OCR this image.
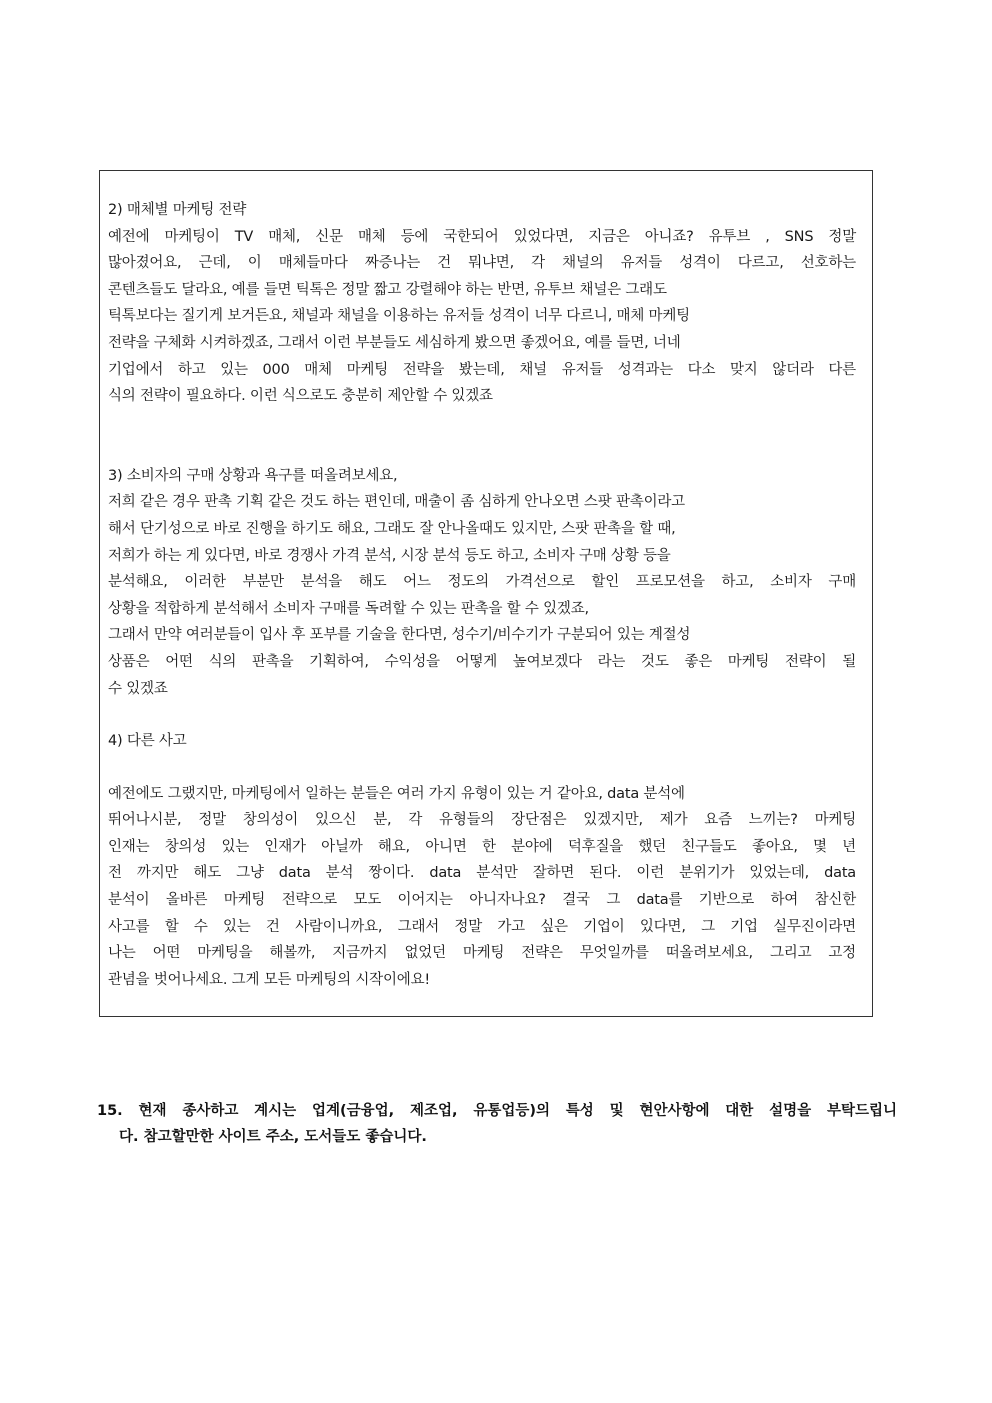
2) 매체별 마케팅 전략

예전에 마케팅이 TV 매체, 신문 매체 등에 국한되어 있었다면, 지금은 아니죠? 유투브 , SNS 정말

많아졌어요, 근데, 이 매체들마다 짜증나는 건 뭐냐면, 각 채널의 유저들 성격이 다르고, 선호하는

콘텐츠들도 달라요, 예를 들면 틱톡은 정말 짧고 강렬해야 하는 반면, 유투브 채널은 그래도

틱톡보다는 질기게 보거든요, 채널과 채널을 이용하는 유저들 성격이 너무 다르니, 매체 마케팅

전략을 구체화 시켜하겠죠, 그래서 이런 부분들도 세심하게 봤으면 좋겠어요, 예를 들면, 너네

기업에서 하고 있는 000 매체 마케팅 전략을 봤는데, 채널 유저들 성격과는 다소 맞지 않더라 다른

식의 전략이 필요하다. 이런 식으로도 충분히 제안할 수 있겠죠

3) 소비자의 구매 상황과 욕구를 떠올려보세요,

저희 같은 경우 판촉 기획 같은 것도 하는 편인데, 매출이 좀 심하게 안나오면 스팟 판촉이라고

해서 단기성으로 바로 진행을 하기도 해요, 그래도 잘 안나올때도 있지만, 스팟 판촉을 할 때,

저희가 하는 게 있다면, 바로 경쟁사 가격 분석, 시장 분석 등도 하고, 소비자 구매 상황 등을

분석해요, 이러한 부분만 분석을 해도 어느 정도의 가격선으로 할인 프로모션을 하고, 소비자 구매

상황을 적합하게 분석해서 소비자 구매를 독려할 수 있는 판촉을 할 수 있겠죠,

그래서 만약 여러분들이 입사 후 포부를 기술을 한다면, 성수기/비수기가 구분되어 있는 계절성

상품은 어떤 식의 판촉을 기획하여, 수익성을 어떻게 높여보겠다 라는 것도 좋은 마케팅 전략이 될

수 있겠죠

4) 다른 사고

예전에도 그랬지만, 마케팅에서 일하는 분들은 여러 가지 유형이 있는 거 같아요, data 분석에

뛰어나시분, 정말 창의성이 있으신 분, 각 유형들의 장단점은 있겠지만, 제가 요즘 느끼는? 마케팅

인재는 창의성 있는 인재가 아닐까 해요, 아니면 한 분야에 덕후질을 했던 친구들도 좋아요, 몇 년

전 까지만 해도 그냥 data 분석 짱이다. data 분석만 잘하면 된다. 이런 분위기가 있었는데, data

분석이 올바른 마케팅 전략으로 모도 이어지는 아니자나요? 결국 그 data를 기반으로 하여 참신한

사고를 할 수 있는 건 사람이니까요, 그래서 정말 가고 싶은 기업이 있다면, 그 기업 실무진이라면

나는 어떤 마케팅을 해볼까, 지금까지 없었던 마케팅 전략은 무엇일까를 떠올려보세요, 그리고 고정

관념을 벗어나세요. 그게 모든 마케팅의 시작이에요!

15. 현재 종사하고 계시는 업계(금융업, 제조업, 유통업등)의 특성 및 현안사항에 대한 설명을 부탁드립니
다. 참고할만한 사이트 주소, 도서들도 좋습니다.
